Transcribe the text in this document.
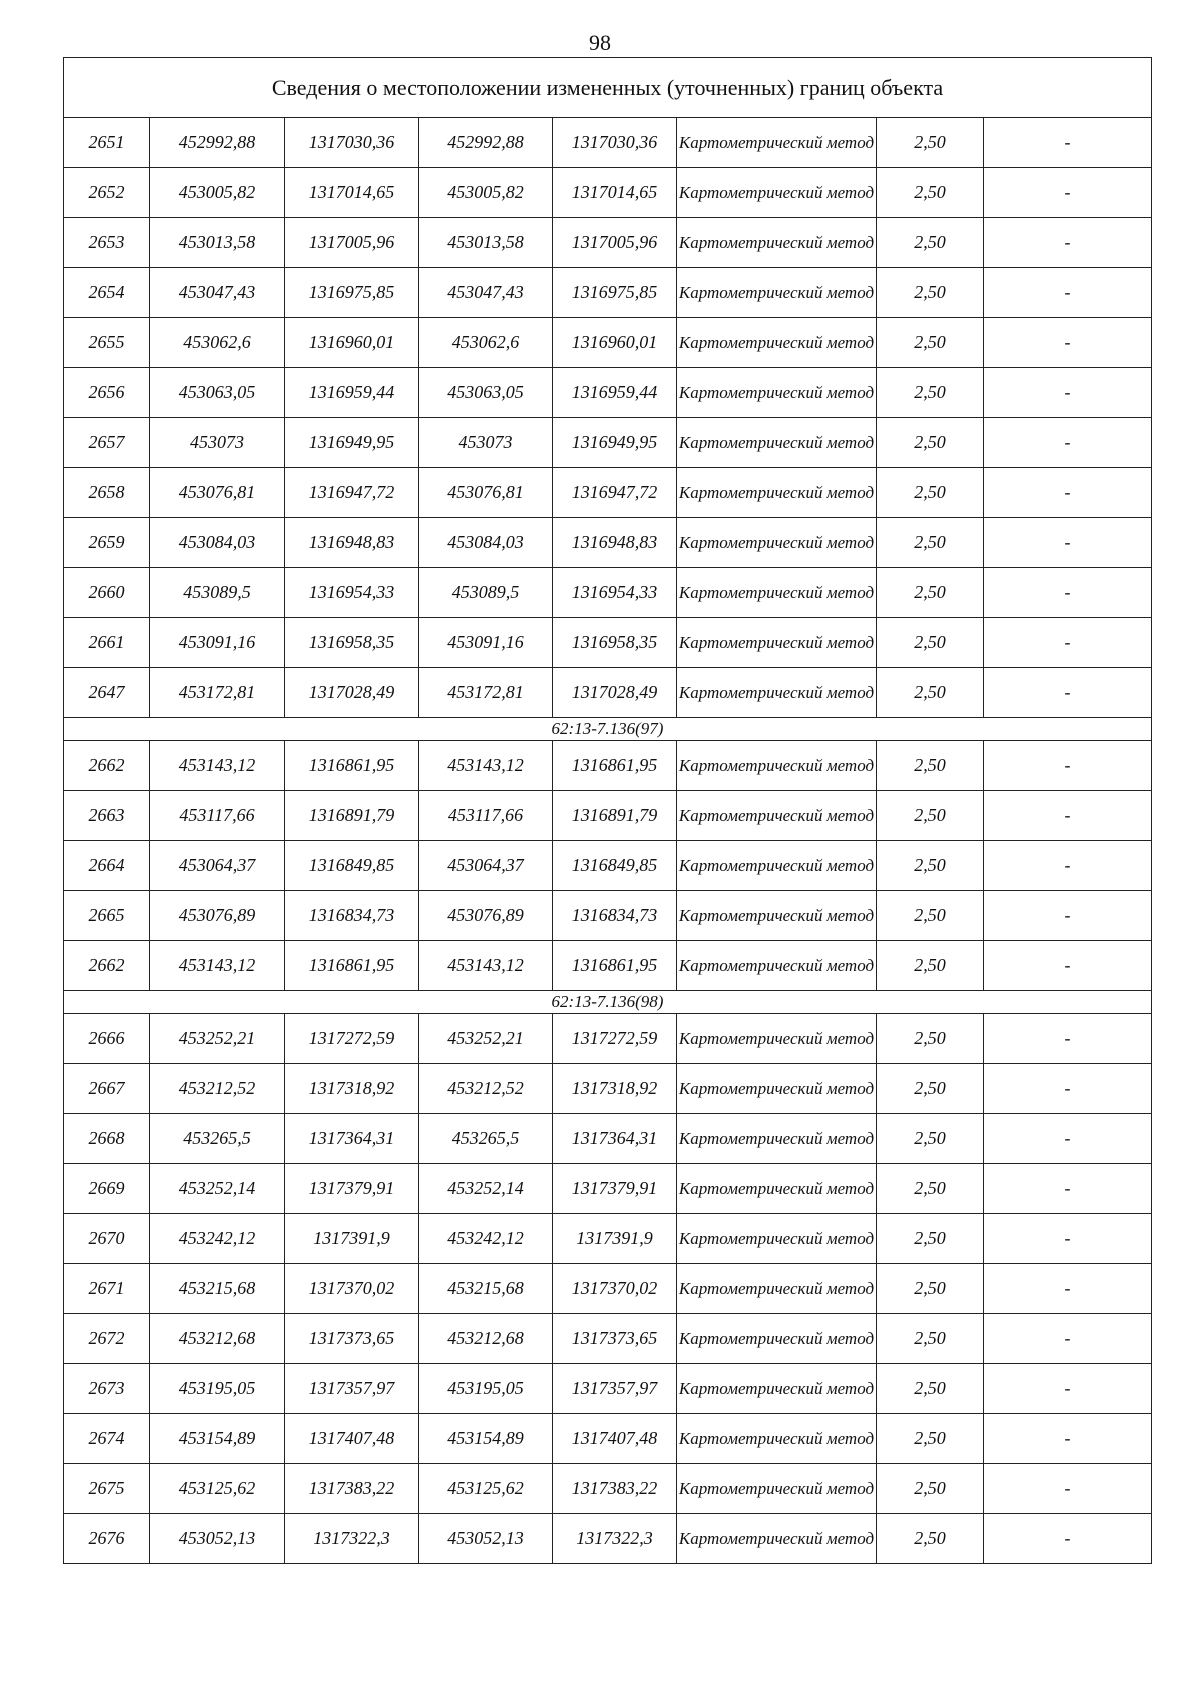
98
Сведения о местоположении измененных (уточненных) границ объекта							
2651	452992,88	1317030,36	452992,88	1317030,36	Картометрический метод	2,50	-
2652	453005,82	1317014,65	453005,82	1317014,65	Картометрический метод	2,50	-
2653	453013,58	1317005,96	453013,58	1317005,96	Картометрический метод	2,50	-
2654	453047,43	1316975,85	453047,43	1316975,85	Картометрический метод	2,50	-
2655	453062,6	1316960,01	453062,6	1316960,01	Картометрический метод	2,50	-
2656	453063,05	1316959,44	453063,05	1316959,44	Картометрический метод	2,50	-
2657	453073	1316949,95	453073	1316949,95	Картометрический метод	2,50	-
2658	453076,81	1316947,72	453076,81	1316947,72	Картометрический метод	2,50	-
2659	453084,03	1316948,83	453084,03	1316948,83	Картометрический метод	2,50	-
2660	453089,5	1316954,33	453089,5	1316954,33	Картометрический метод	2,50	-
2661	453091,16	1316958,35	453091,16	1316958,35	Картометрический метод	2,50	-
2647	453172,81	1317028,49	453172,81	1317028,49	Картометрический метод	2,50	-
62:13-7.136(97)							
2662	453143,12	1316861,95	453143,12	1316861,95	Картометрический метод	2,50	-
2663	453117,66	1316891,79	453117,66	1316891,79	Картометрический метод	2,50	-
2664	453064,37	1316849,85	453064,37	1316849,85	Картометрический метод	2,50	-
2665	453076,89	1316834,73	453076,89	1316834,73	Картометрический метод	2,50	-
2662	453143,12	1316861,95	453143,12	1316861,95	Картометрический метод	2,50	-
62:13-7.136(98)							
2666	453252,21	1317272,59	453252,21	1317272,59	Картометрический метод	2,50	-
2667	453212,52	1317318,92	453212,52	1317318,92	Картометрический метод	2,50	-
2668	453265,5	1317364,31	453265,5	1317364,31	Картометрический метод	2,50	-
2669	453252,14	1317379,91	453252,14	1317379,91	Картометрический метод	2,50	-
2670	453242,12	1317391,9	453242,12	1317391,9	Картометрический метод	2,50	-
2671	453215,68	1317370,02	453215,68	1317370,02	Картометрический метод	2,50	-
2672	453212,68	1317373,65	453212,68	1317373,65	Картометрический метод	2,50	-
2673	453195,05	1317357,97	453195,05	1317357,97	Картометрический метод	2,50	-
2674	453154,89	1317407,48	453154,89	1317407,48	Картометрический метод	2,50	-
2675	453125,62	1317383,22	453125,62	1317383,22	Картометрический метод	2,50	-
2676	453052,13	1317322,3	453052,13	1317322,3	Картометрический метод	2,50	-
